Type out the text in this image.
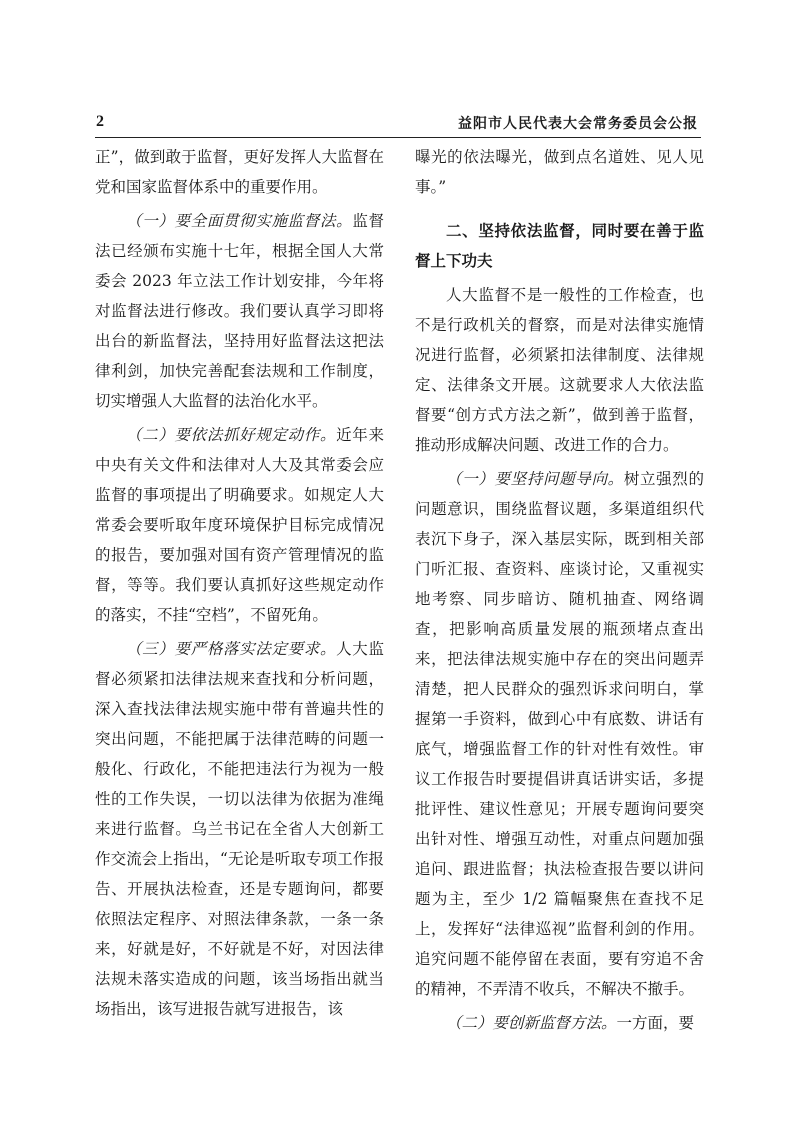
2	益阳市人民代表大会常务委员会公报

正”，做到敢于监督，更好发挥人大监督在党和国家监督体系中的重要作用。

（一）要全面贯彻实施监督法。监督法已经颁布实施十七年，根据全国人大常委会 2023 年立法工作计划安排，今年将对监督法进行修改。我们要认真学习即将出台的新监督法，坚持用好监督法这把法律利剑，加快完善配套法规和工作制度，切实增强人大监督的法治化水平。

（二）要依法抓好规定动作。近年来中央有关文件和法律对人大及其常委会应监督的事项提出了明确要求。如规定人大常委会要听取年度环境保护目标完成情况的报告，要加强对国有资产管理情况的监督，等等。我们要认真抓好这些规定动作的落实，不挂“空档”，不留死角。

（三）要严格落实法定要求。人大监督必须紧扣法律法规来查找和分析问题，深入查找法律法规实施中带有普遍共性的突出问题，不能把属于法律范畴的问题一般化、行政化，不能把违法行为视为一般性的工作失误，一切以法律为依据为准绳来进行监督。乌兰书记在全省人大创新工作交流会上指出，“无论是听取专项工作报告、开展执法检查，还是专题询问，都要依照法定程序、对照法律条款，一条一条来，好就是好，不好就是不好，对因法律法规未落实造成的问题，该当场指出就当场指出，该写进报告就写进报告，该

曝光的依法曝光，做到点名道姓、见人见事。”

二、坚持依法监督，同时要在善于监督上下功夫

人大监督不是一般性的工作检查，也不是行政机关的督察，而是对法律实施情况进行监督，必须紧扣法律制度、法律规定、法律条文开展。这就要求人大依法监督要“创方式方法之新”，做到善于监督，推动形成解决问题、改进工作的合力。

（一）要坚持问题导向。树立强烈的问题意识，围绕监督议题，多渠道组织代表沉下身子，深入基层实际，既到相关部门听汇报、查资料、座谈讨论，又重视实地考察、同步暗访、随机抽查、网络调查，把影响高质量发展的瓶颈堵点查出来，把法律法规实施中存在的突出问题弄清楚，把人民群众的强烈诉求问明白，掌握第一手资料，做到心中有底数、讲话有底气，增强监督工作的针对性有效性。审议工作报告时要提倡讲真话讲实话，多提批评性、建议性意见；开展专题询问要突出针对性、增强互动性，对重点问题加强追问、跟进监督；执法检查报告要以讲问题为主，至少 1/2 篇幅聚焦在查找不足上，发挥好“法律巡视”监督利剑的作用。追究问题不能停留在表面，要有穷追不舍的精神，不弄清不收兵，不解决不撤手。

（二）要创新监督方法。一方面，要
